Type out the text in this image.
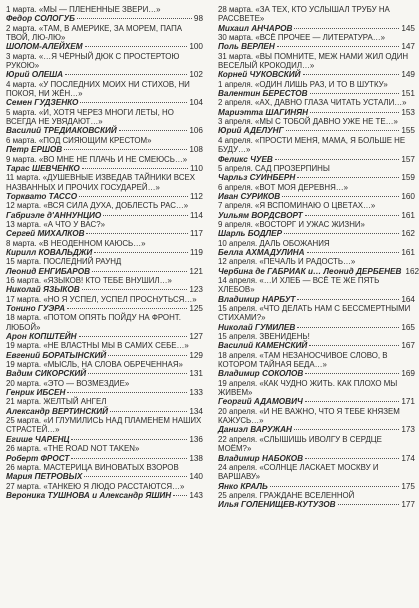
1 марта. «МЫ — ПЛЕНЕННЫЕ ЗВЕРИ…»
Федор СОЛОГУБ	98
2 марта. «ТАМ, В АМЕРИКЕ, ЗА МОРЕМ, ПАПА ТВОЙ, ЛЮ-ЛЮ»
ШОЛОМ-АЛЕЙХЕМ	100
3 марта. «…Я ЧЁРНЫЙ ДЮК С ПРОСТЕРТОЮ РУКОЮ»
Юрий ОЛЕША	102
4 марта. «У ПОСЛЕДНИХ МОИХ НИ СТИХОВ, НИ ПОКОЯ, НИ ЖЁН…»
Семен ГУДЗЕНКО	104
5 марта. «И, ХОТЯ ЧЕРЕЗ МНОГИ ЛЕТЫ, НО ВСЕГДА НЕ УВЯДАЮТ…»
Василий ТРЕДИАКОВСКИЙ	106
6 марта. «ПОД СИЯЮЩИМ КРЕСТОМ»
Петр ЕРШОВ	108
9 марта. «ВО МНЕ НЕ ПЛАЧЬ И НЕ СМЕЮСЬ…»
Тарас ШЕВЧЕНКО	110
11 марта. «ДУШЕВНЫЕ ИЗВЕДАВ ТАЙНИКИ ВСЕХ НАЗВАННЫХ И ПРОЧИХ ГОСУДАРЕЙ…»
Торквато ТАССО	112
12 марта. «ВСЯ СИЛА ДУХА, ДОБЛЕСТЬ РАС…»
Габриэле д'АННУНЦИО	114
13 марта. «А ЧТО У ВАС?»
Сергей МИХАЛКОВ	117
8 марта. «В НЕОДЕННОМ КАЮСЬ…»
Кирилл КОВАЛЬДЖИ	119
15 марта. ПОСЛЕДНИЙ РАУНД
Леонид ЕНГИБАРОВ	121
16 марта. «ЯЗЫКОВ! КТО ТЕБЕ ВНУШИЛ…»
Николай ЯЗЫКОВ	123
17 марта. «НО Я УСПЕЛ, УСПЕЛ ПРОСНУТЬСЯ…»
Тонино ГУЭРА	125
18 марта. «ПОТОМ ОПЯТЬ ПОЙДУ НА ФРОНТ. ЛЮБОЙ»
Арон КОПШТЕЙН	127
19 марта. «НЕ ВЛАСТНЫ МЫ В САМИХ СЕБЕ…»
Евгений БОРАТЫНСКИЙ	129
19 марта. «МЫСЛЬ, НА СЛОВА ОБРЕЧЕННАЯ»
Вадим СИКОРСКИЙ	131
20 марта. «ЭТО — ВОЗМЕЗДИЕ»
Генрик ИБСЕН	133
21 марта. ЖЕЛТЫЙ АНГЕЛ
Александр ВЕРТИНСКИЙ	134
25 марта. «И ГЛУМИЛИСЬ НАД ПЛАМЕНЕМ НАШИХ СТРАСТЕЙ…»
Егише ЧАРЕНЦ	136
26 марта. «THE ROAD NOT TAKEN»
Роберт ФРОСТ	138
26 марта. МАСТЕРИЦА ВИНОВАТЫХ ВЗОРОВ
Мария ПЕТРОВЫХ	140
27 марта. «ТАНКЕЮ Я ЛЮДО РАССТАЮТСЯ…»
Вероника ТУШНОВА и Александр ЯШИН 143
28 марта. «ЗА ТЕХ, КТО УСЛЫШАЛ ТРУБУ НА РАССВЕТЕ»
Михаил АНЧАРОВ	145
30 марта. «ВСЁ ПРОЧЕЕ — ЛИТЕРАТУРА…»
Поль ВЕРЛЕН	147
31 марта. «ВЫ ПОМНИТЕ, МЕЖ НАМИ ЖИЛ ОДИН ВЕСЕЛЫЙ КРОКОДИЛ…»
Корней ЧУКОВСКИЙ	149
1 апреля. «ОДИН ЛИШЬ РАЗ, И ТО В ШУТКУ»
Валентин БЕРЕСТОВ	151
2 апреля. «АХ, ДАВНО ГЛАЗА ЧИТАТЬ УСТАЛИ…»
Мариэтта ШАГИНЯН	153
3 апреля. «МЫ С ТОБОЙ ДАВНО УЖЕ НЕ ТЕ…»
Юрий АДЕЛУНГ	155
4 апреля. «ПРОСТИ МЕНЯ, МАМА, Я БОЛЬШЕ НЕ БУДУ…»
Феликс ЧУЕВ	157
5 апреля. САД ПРОЗЕРПИНЫ
Чарльз СУИНБЕРН	159
6 апреля. «ВОТ МОЯ ДЕРЕВНЯ…»
Иван СУРИКОВ	160
7 апреля. «Я ВСПОМИНАЮ О ЦВЕТАХ…»
Уильям ВОРДСВОРТ	161
9 апреля. «ВОСТОРГ И УЖАС ЖИЗНИ»
Шарль БОДЛЕР	162
10 апреля. ДАЛЬ ОБОЖАНИЯ
Белла АХМАДУЛИНА	161
12 апреля. «ПЕЧАЛЬ И РАДОСТЬ…»
Чербина де ГАБРИАК и… Леонид ДЕРБЕНЕВ 162
14 апреля. «…И ХЛЕБ — ВСЁ ТЕ ЖЕ ПЯТЬ ХЛЕБОВ»
Владимир НАРБУТ	164
15 апреля. «ЧТО ДЕЛАТЬ НАМ С БЕССМЕРТНЫМИ СТИХАМИ?»
Николай ГУМИЛЕВ	165
15 апреля. ЗВЕНИДЕНЬ!
Василий КАМЕНСКИЙ	167
18 апреля. «ТАМ НЕЗАНОСЧИВОЕ СЛОВО, В КОТОРОМ ТАЙНАЯ БЕДА…»
Владимир СОКОЛОВ	169
19 апреля. «КАК ЧУДНО ЖИТЬ. КАК ПЛОХО МЫ ЖИВЕМ»
Георгий АДАМОВИЧ	171
20 апреля. «И НЕ ВАЖНО, ЧТО Я ТЕБЕ КНЯЗЕМ КАЖУСЬ…»
Даниэл ВАРУЖАН	173
22 апреля. «СЛЫШИШЬ ИВОЛГУ В СЕРДЦЕ МОЁМ?»
Владимир НАБОКОВ	174
24 апреля. «СОЛНЦЕ ЛАСКАЕТ МОСКВУ И ВАРШАВУ»
Янко КРАЛЬ	175
25 апреля. ГРАЖДАНЕ ВСЕЛЕННОЙ
Илья ГОЛЕНИЩЕВ-КУТУЗОВ	177
